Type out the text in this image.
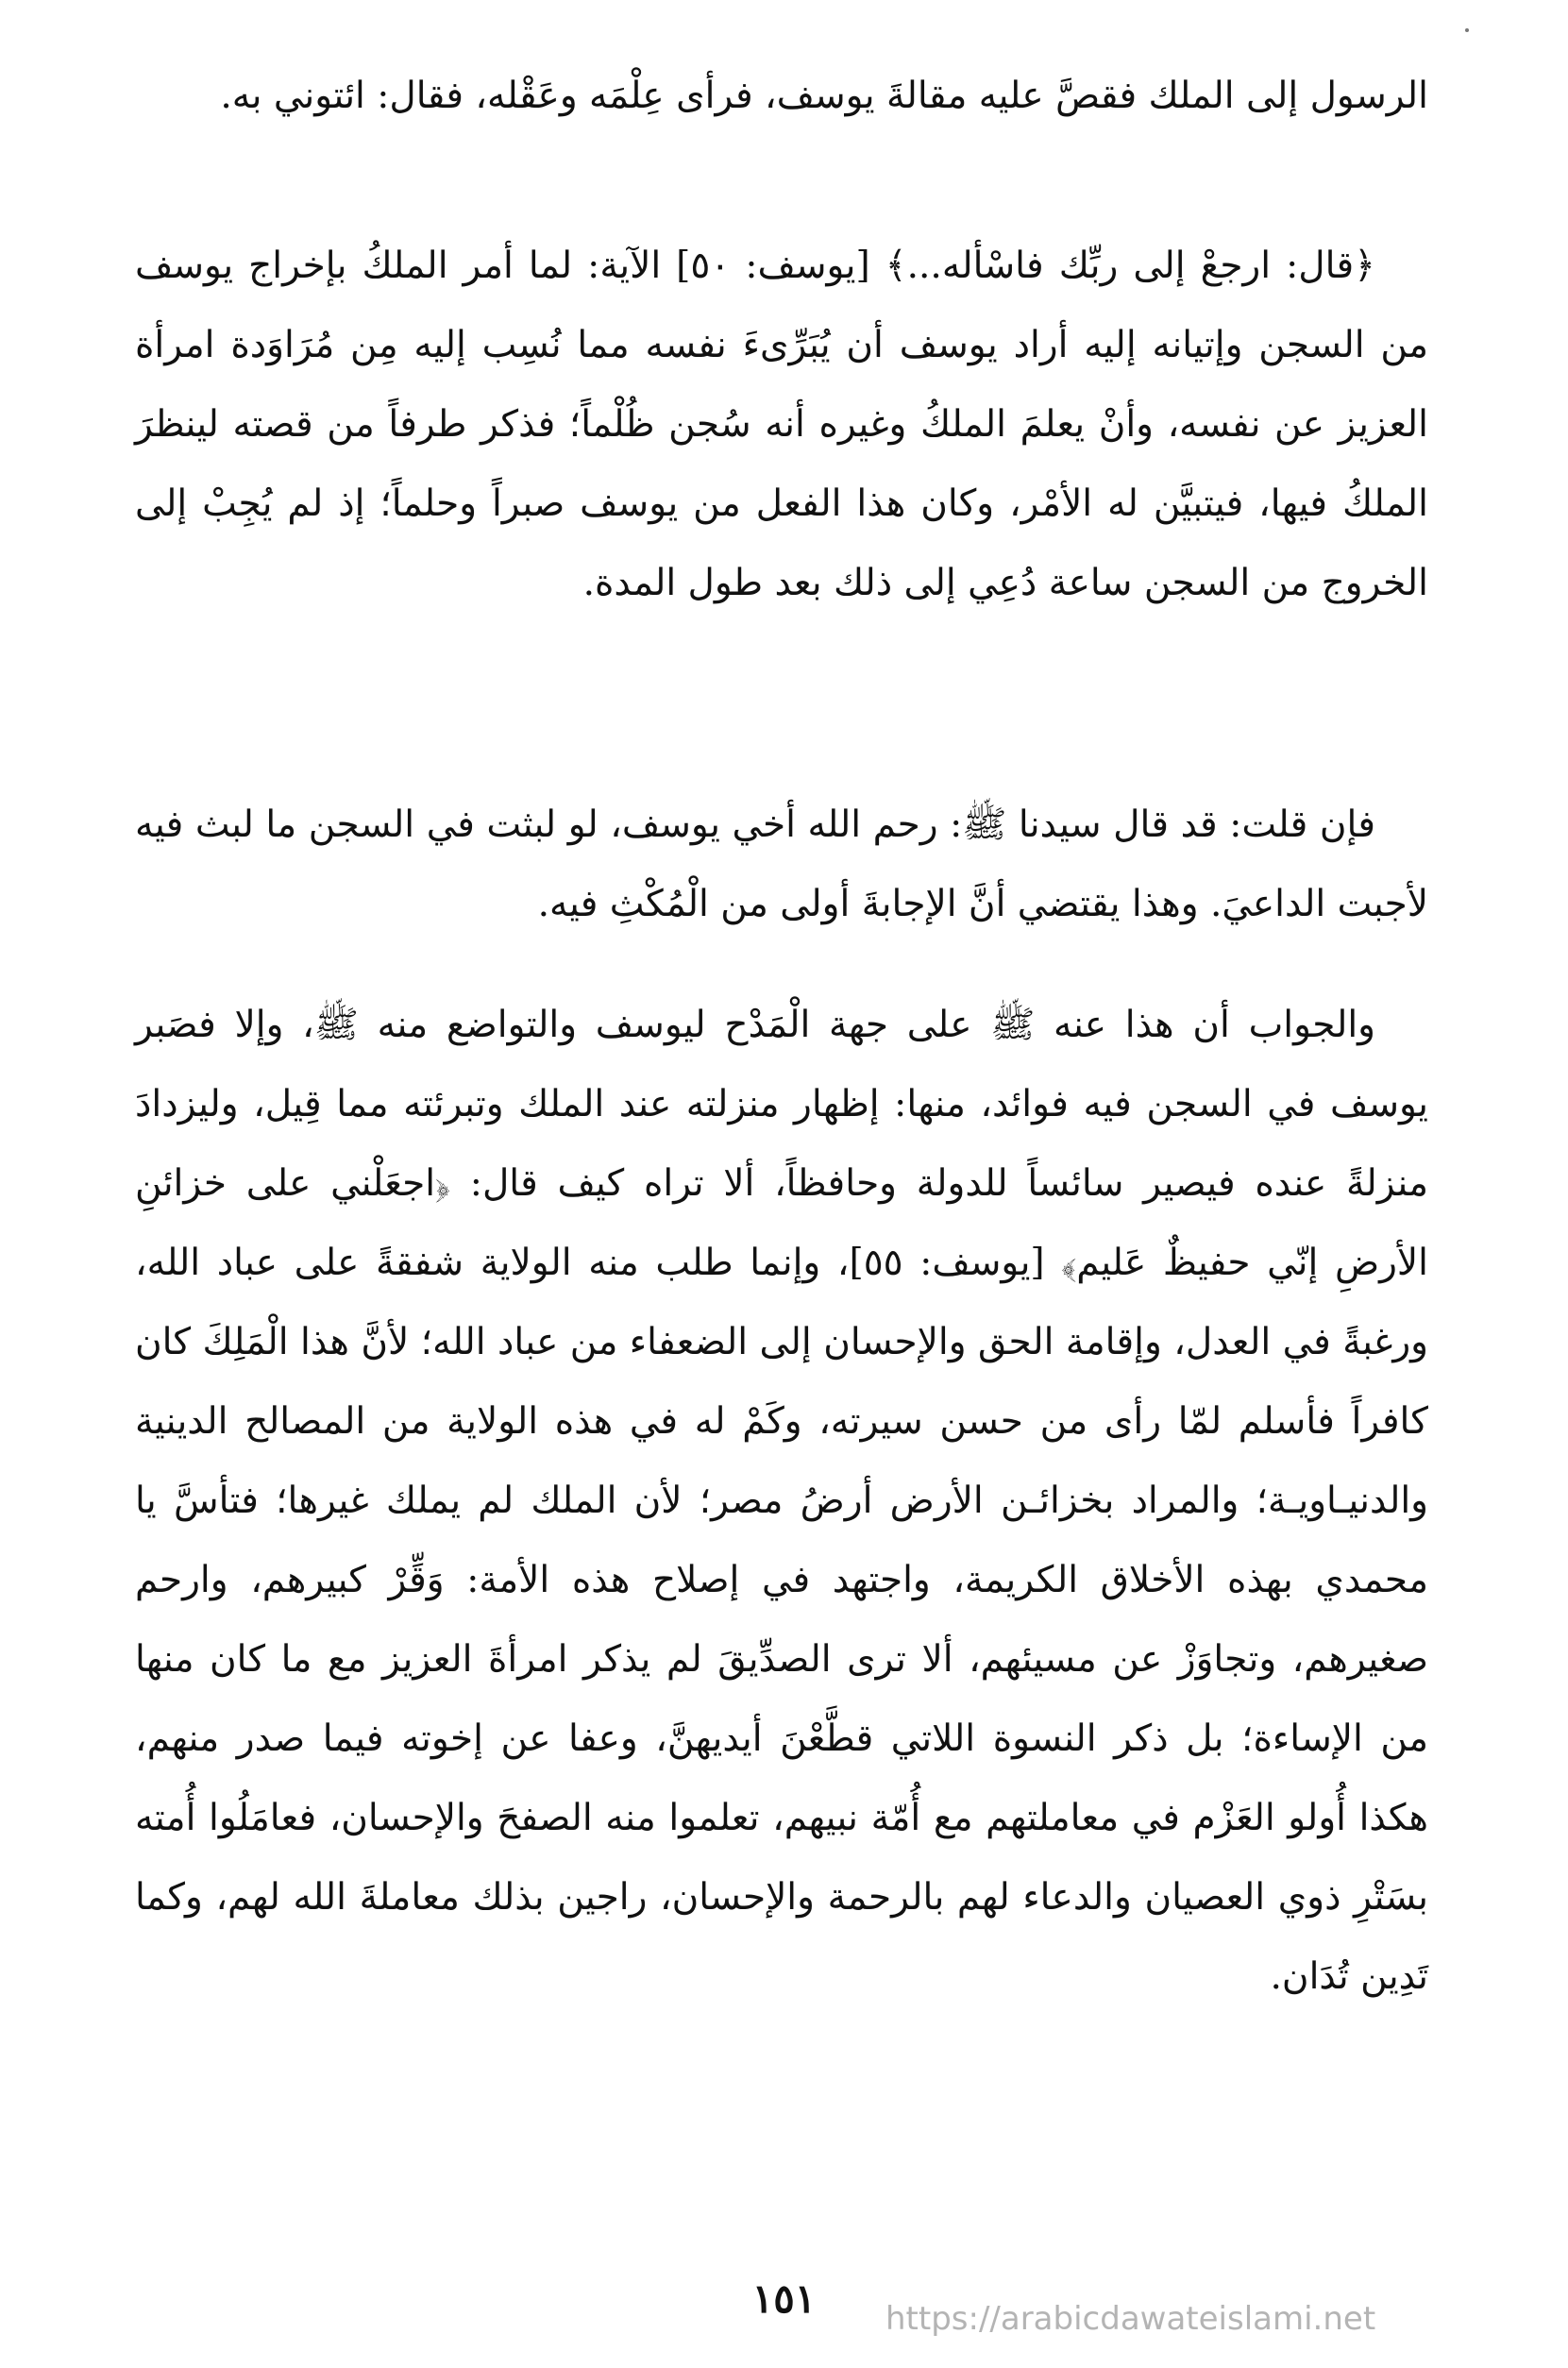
الرسول إلى الملك فقصَّ عليه مقالةَ يوسف، فرأى عِلْمَه وعَقْله، فقال: ائتوني به.

﴿قال: ارجعْ إلى ربِّك فاسْأله...﴾ [يوسف: ٥٠] الآية: لما أمر الملكُ بإخراج يوسف من السجن وإتيانه إليه أراد يوسف أن يُبَرِّىءَ نفسه مما نُسِب إليه مِن مُرَاوَدة امرأة العزيز عن نفسه، وأنْ يعلمَ الملكُ وغيره أنه سُجن ظُلْماً؛ فذكر طرفاً من قصته لينظرَ الملكُ فيها، فيتبيَّن له الأمْر، وكان هذا الفعل من يوسف صبراً وحلماً؛ إذ لم يُجِبْ إلى الخروج من السجن ساعة دُعِي إلى ذلك بعد طول المدة.

فإن قلت: قد قال سيدنا ﷺ: رحم الله أخي يوسف، لو لبثت في السجن ما لبث فيه لأجبت الداعيَ. وهذا يقتضي أنَّ الإجابةَ أولى من الْمُكْثِ فيه.

والجواب أن هذا عنه ﷺ على جهة الْمَدْح ليوسف والتواضع منه ﷺ، وإلا فصَبر يوسف في السجن فيه فوائد، منها: إظهار منزلته عند الملك وتبرئته مما قِيل، وليزدادَ منزلةً عنده فيصير سائساً للدولة وحافظاً، ألا تراه كيف قال: ﴿اجعَلْني على خزائنِ الأرضِ إنّي حفيظٌ عَليم﴾ [يوسف: ٥٥]، وإنما طلب منه الولاية شفقةً على عباد الله، ورغبةً في العدل، وإقامة الحق والإحسان إلى الضعفاء من عباد الله؛ لأنَّ هذا الْمَلِكَ كان كافراً فأسلم لمّا رأى من حسن سيرته، وكَمْ له في هذه الولاية من المصالح الدينية والدنيـاويـة؛ والمراد بخزائـن الأرض أرضُ مصر؛ لأن الملك لم يملك غيرها؛ فتأسَّ يا محمدي بهذه الأخلاق الكريمة، واجتهد في إصلاح هذه الأمة: وَقِّرْ كبيرهم، وارحم صغيرهم، وتجاوَزْ عن مسيئهم، ألا ترى الصدِّيقَ لم يذكر امرأةَ العزيز مع ما كان منها من الإساءة؛ بل ذكر النسوة اللاتي قطَّعْنَ أيديهنَّ، وعفا عن إخوته فيما صدر منهم، هكذا أُولو العَزْم في معاملتهم مع أُمّة نبيهم، تعلموا منه الصفحَ والإحسان، فعامَلُوا أُمته بسَتْرِ ذوي العصيان والدعاء لهم بالرحمة والإحسان، راجين بذلك معاملةَ الله لهم، وكما تَدِين تُدَان.

١٥١	https://arabicdawateislami.net
